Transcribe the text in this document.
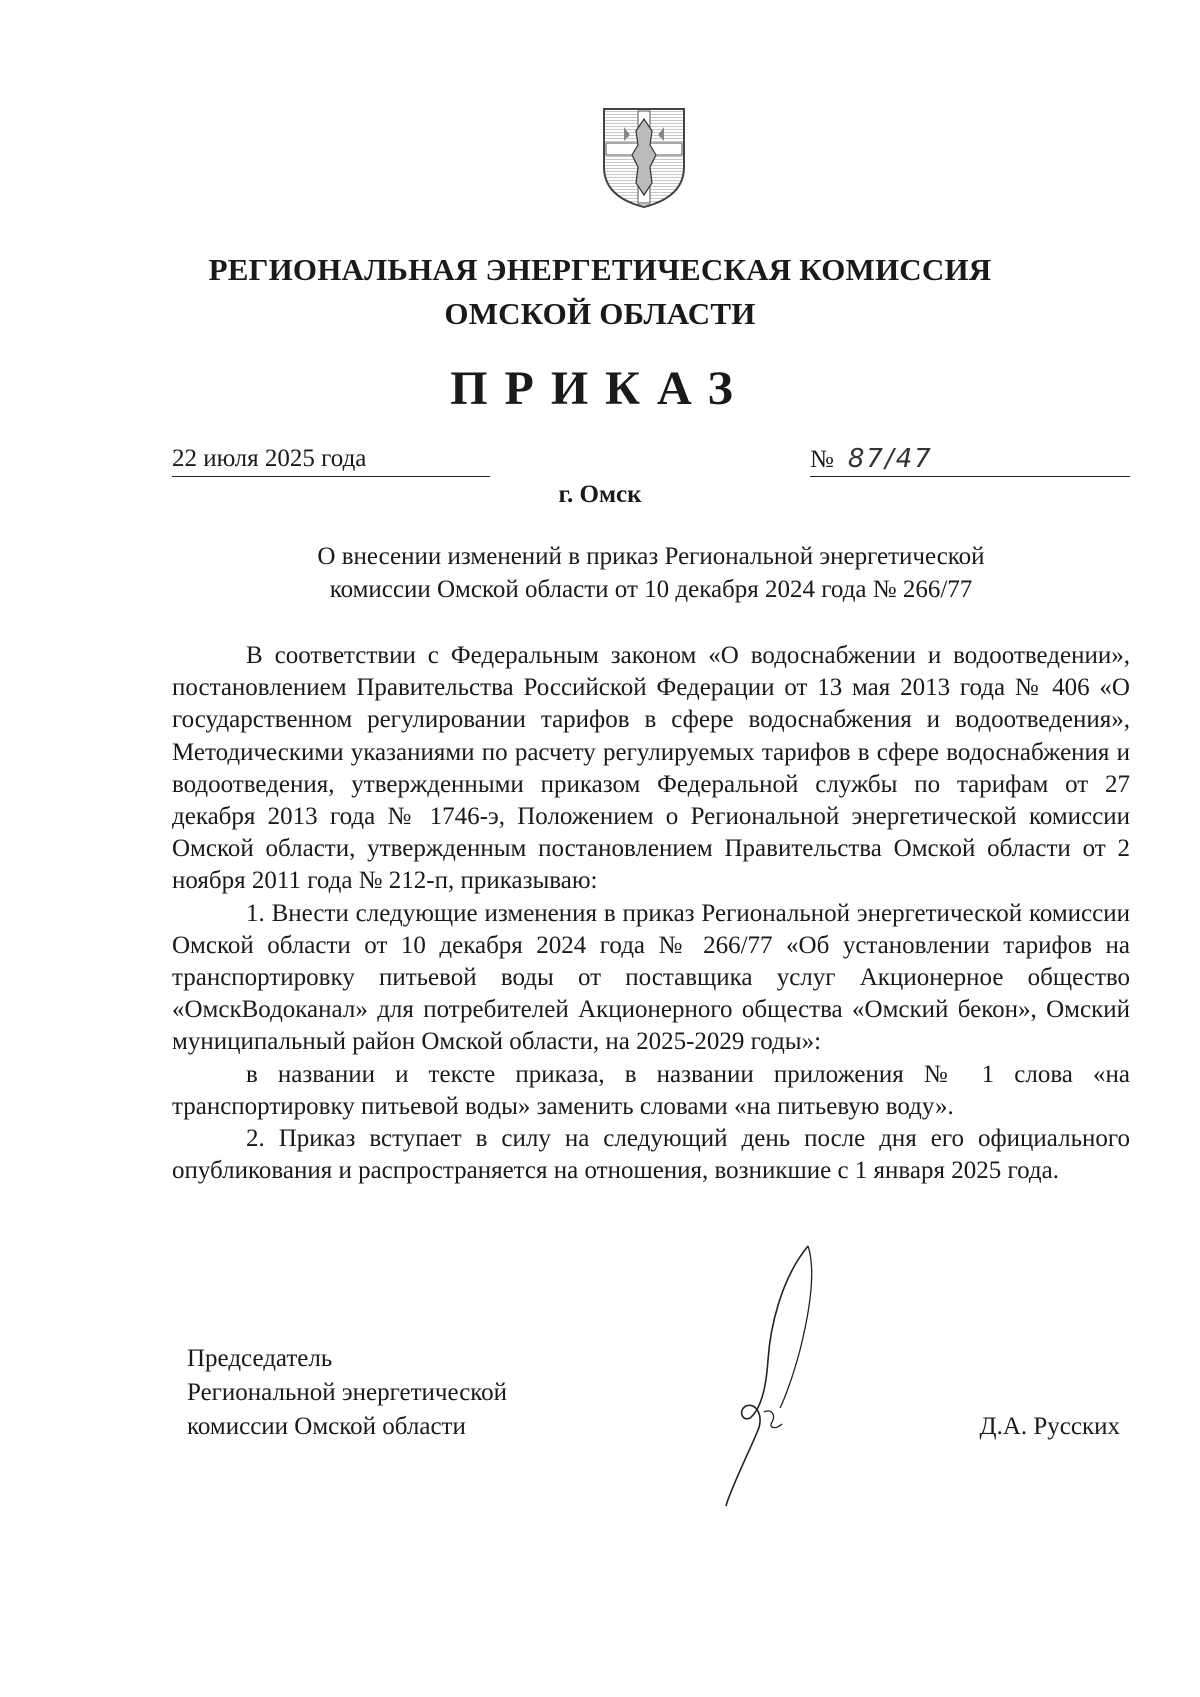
РЕГИОНАЛЬНАЯ ЭНЕРГЕТИЧЕСКАЯ КОМИССИЯ
ОМСКОЙ ОБЛАСТИ
ПРИКАЗ
22 июля 2025 года	№ 87/47
г. Омск
О внесении изменений в приказ Региональной энергетической
комиссии Омской области от 10 декабря 2024 года № 266/77

В соответствии с Федеральным законом «О водоснабжении и водоотведении», постановлением Правительства Российской Федерации от 13 мая 2013 года № 406 «О государственном регулировании тарифов в сфере водоснабжения и водоотведения», Методическими указаниями по расчету регулируемых тарифов в сфере водоснабжения и водоотведения, утвержденными приказом Федеральной службы по тарифам от 27 декабря 2013 года № 1746-э, Положением о Региональной энергетической комиссии Омской области, утвержденным постановлением Правительства Омской области от 2 ноября 2011 года № 212-п, приказываю:

1. Внести следующие изменения в приказ Региональной энергетической комиссии Омской области от 10 декабря 2024 года № 266/77 «Об установлении тарифов на транспортировку питьевой воды от поставщика услуг Акционерное общество «ОмскВодоканал» для потребителей Акционерного общества «Омский бекон», Омский муниципальный район Омской области, на 2025-2029 годы»:

в названии и тексте приказа, в названии приложения № 1 слова «на транспортировку питьевой воды» заменить словами «на питьевую воду».

2. Приказ вступает в силу на следующий день после дня его официального опубликования и распространяется на отношения, возникшие с 1 января 2025 года.

Председатель
Региональной энергетической
комиссии Омской области	Д.А. Русских
